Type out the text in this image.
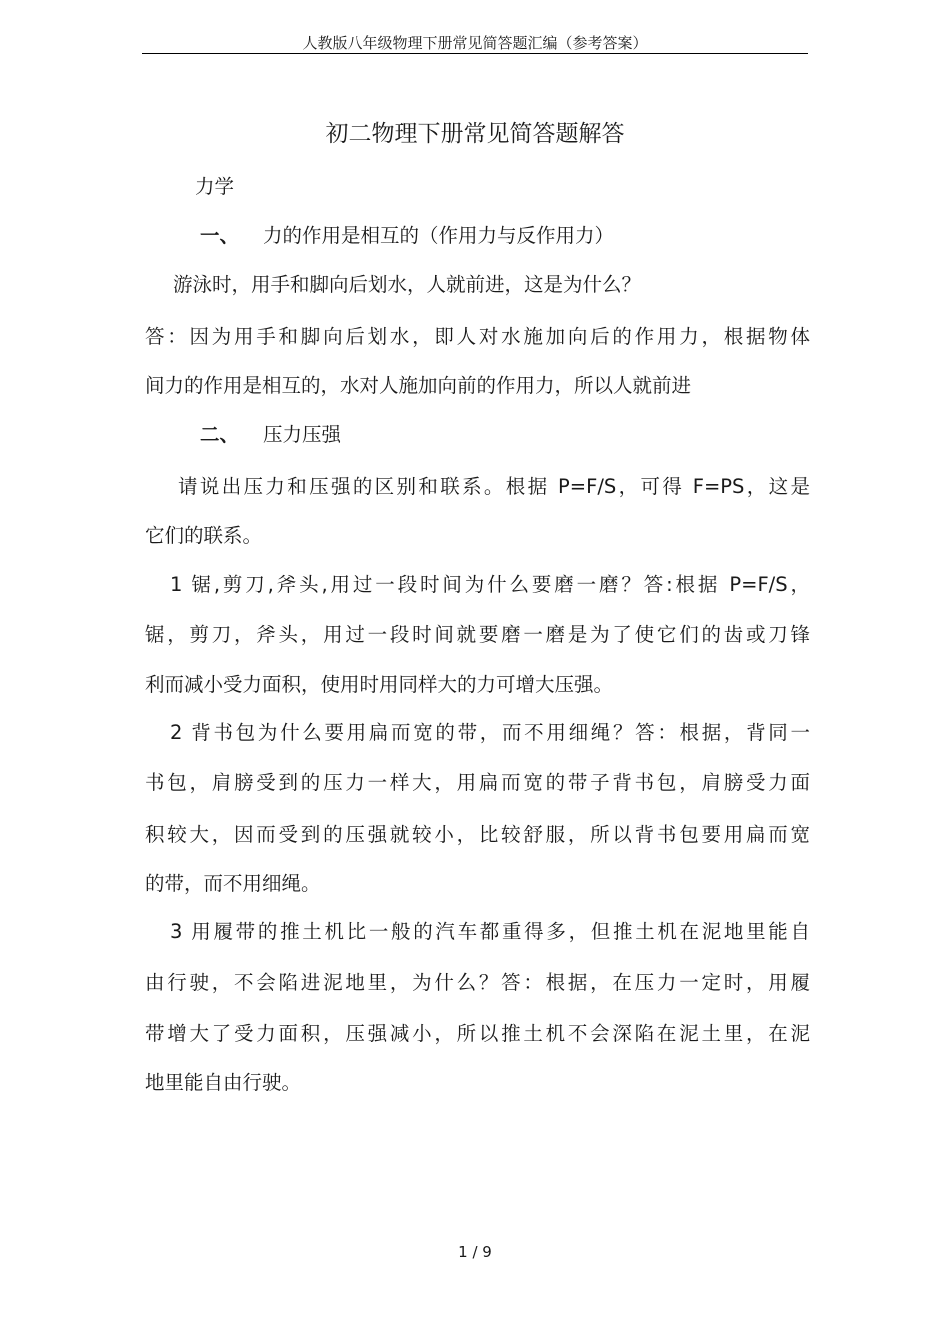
人教版八年级物理下册常见简答题汇编（参考答案）
初二物理下册常见简答题解答
力学
一、 力的作用是相互的（作用力与反作用力）
游泳时，用手和脚向后划水，人就前进，这是为什么？
答：因为用手和脚向后划水，即人对水施加向后的作用力，根据物体
间力的作用是相互的，水对人施加向前的作用力，所以人就前进
二、 压力压强
请说出压力和压强的区别和联系。根据 P=F/S，可得 F=PS，这是
它们的联系。
1 锯,剪刀,斧头,用过一段时间为什么要磨一磨？答:根据 P=F/S，
锯，剪刀，斧头，用过一段时间就要磨一磨是为了使它们的齿或刀锋
利而减小受力面积，使用时用同样大的力可增大压强。
2 背书包为什么要用扁而宽的带，而不用细绳？答：根据，背同一
书包，肩膀受到的压力一样大，用扁而宽的带子背书包，肩膀受力面
积较大，因而受到的压强就较小，比较舒服，所以背书包要用扁而宽
的带，而不用细绳。
3 用履带的推土机比一般的汽车都重得多，但推土机在泥地里能自
由行驶，不会陷进泥地里，为什么？答：根据，在压力一定时，用履
带增大了受力面积，压强减小，所以推土机不会深陷在泥土里，在泥
地里能自由行驶。
1 / 9
